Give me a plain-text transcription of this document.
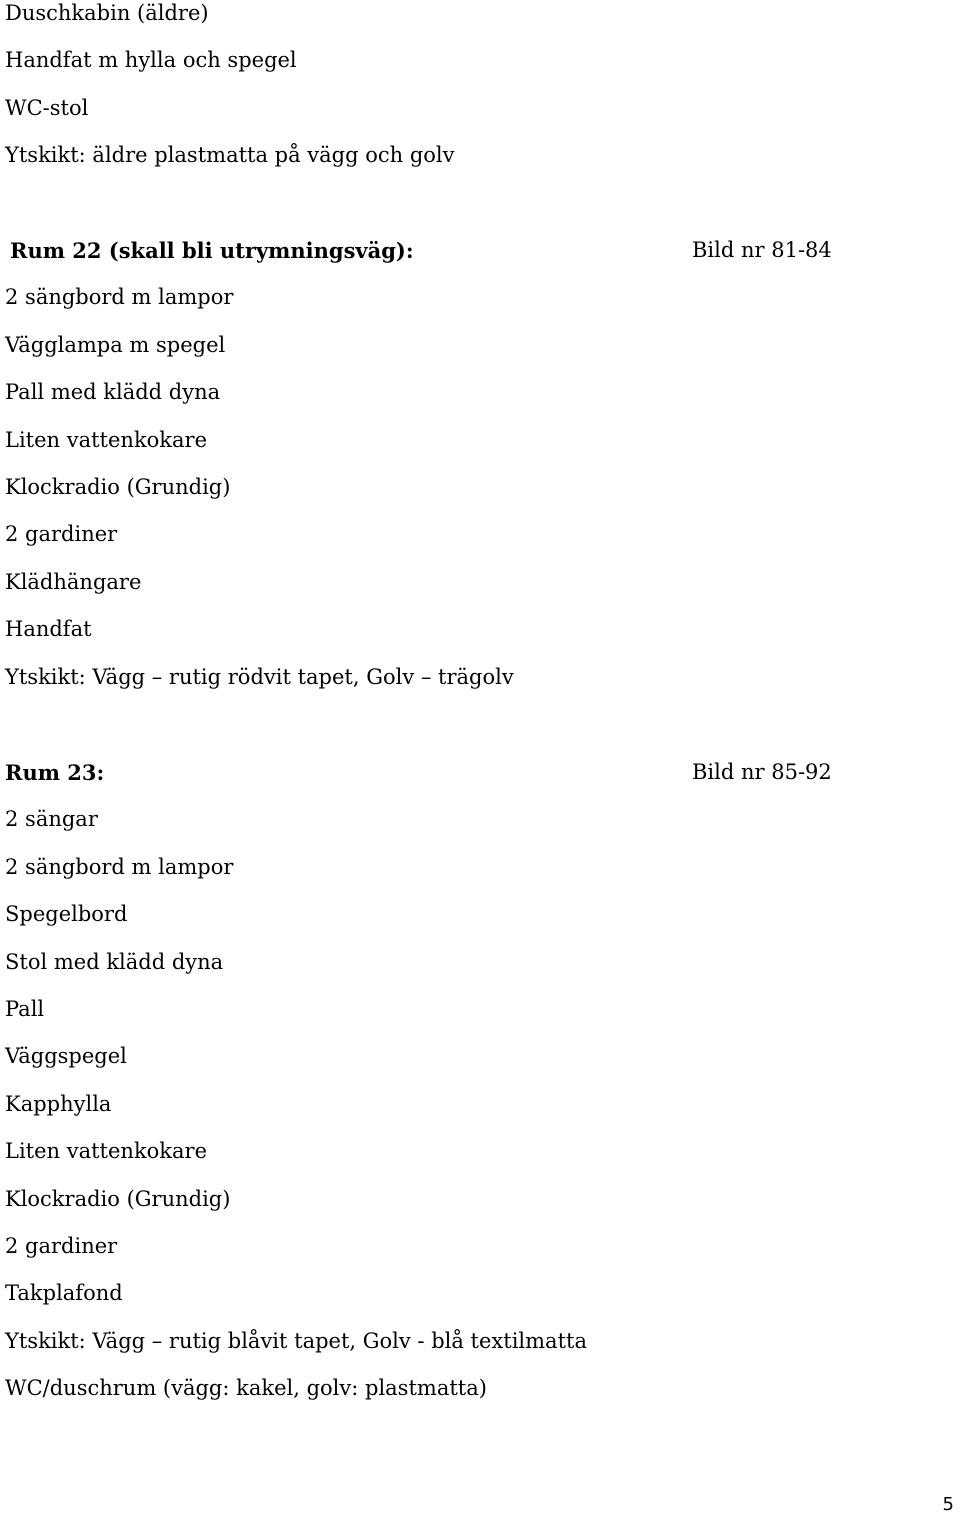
Duschkabin (äldre)
Handfat m hylla och spegel
WC-stol
Ytskikt: äldre plastmatta på vägg och golv
Rum 22 (skall bli utrymningsväg):	Bild nr 81-84
2 sängbord m lampor
Vägglampa m spegel
Pall med klädd dyna
Liten vattenkokare
Klockradio (Grundig)
2 gardiner
Klädhängare
Handfat
Ytskikt: Vägg – rutig rödvit tapet, Golv – trägolv
Rum 23:	Bild nr 85-92
2 sängar
2 sängbord m lampor
Spegelbord
Stol med klädd dyna
Pall
Väggspegel
Kapphylla
Liten vattenkokare
Klockradio (Grundig)
2 gardiner
Takplafond
Ytskikt: Vägg – rutig blåvit tapet, Golv - blå textilmatta
WC/duschrum (vägg: kakel, golv: plastmatta)
5
